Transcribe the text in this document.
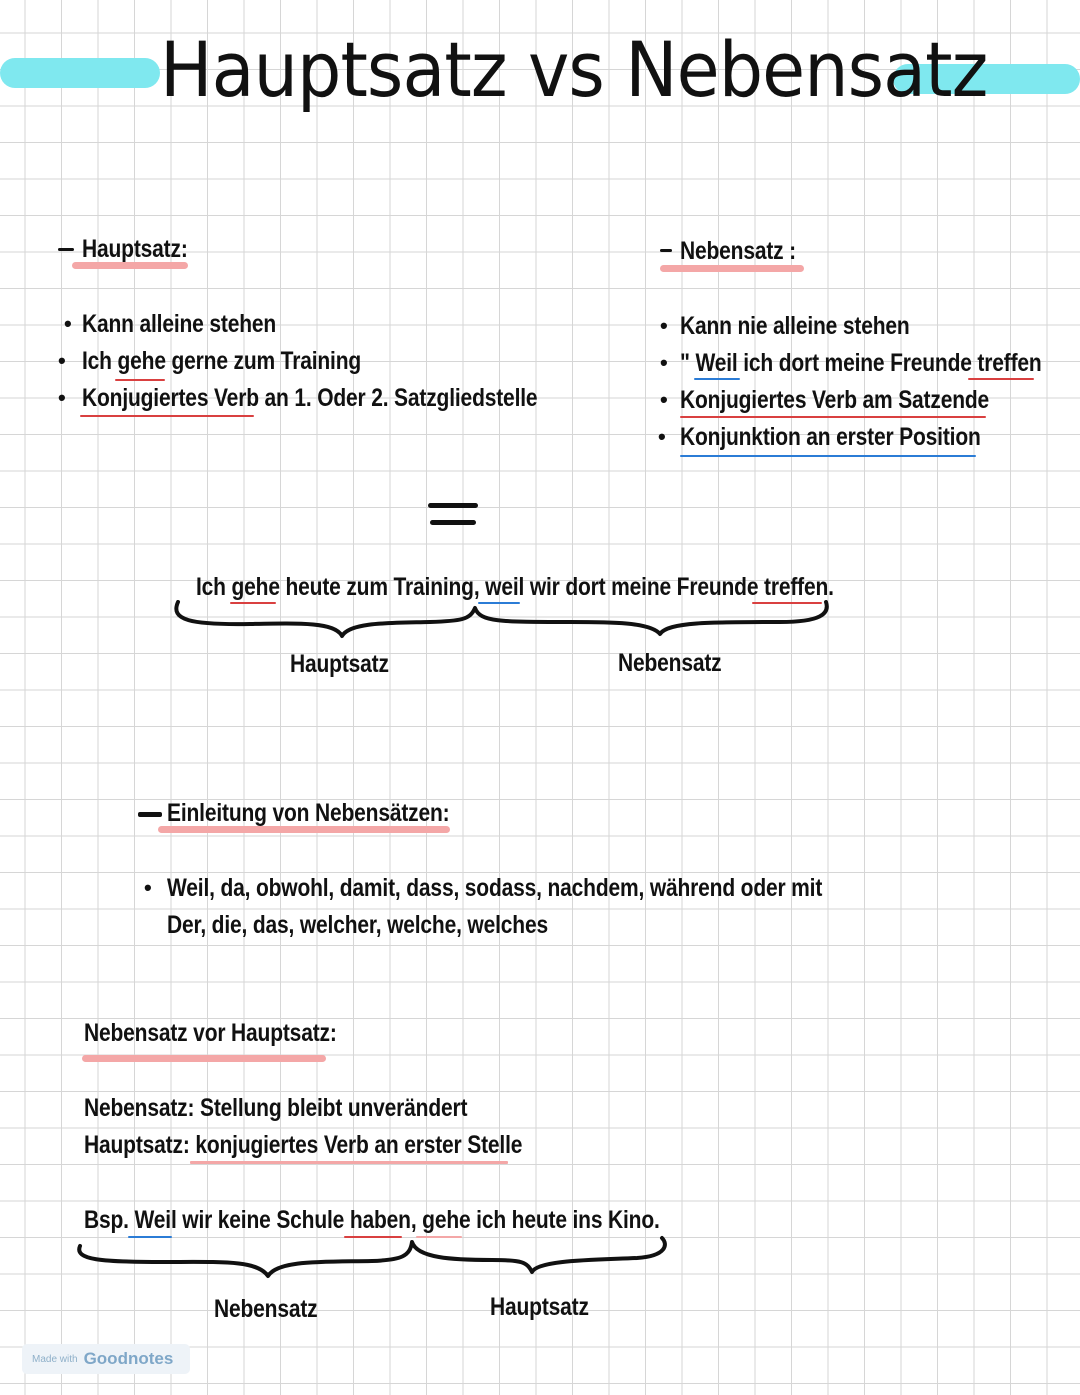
Hauptsatz vs Nebensatz
Hauptsatz:
• Kann alleine stehen
• Ich gehe gerne zum Training
• Konjugiertes Verb an 1. Oder 2. Satzgliedstelle
Nebensatz :
• Kann nie alleine stehen
• " Weil ich dort meine Freunde treffen
• Konjugiertes Verb am Satzende
• Konjunktion an erster Position
Ich gehe heute zum Training, weil wir dort meine Freunde treffen.
Hauptsatz	Nebensatz
Einleitung von Nebensätzen:
• Weil, da, obwohl, damit, dass, sodass, nachdem, während oder mit
Der, die, das, welcher, welche, welches
Nebensatz vor Hauptsatz:
Nebensatz: Stellung bleibt unverändert
Hauptsatz: konjugiertes Verb an erster Stelle
Bsp. Weil wir keine Schule haben, gehe ich heute ins Kino.
Nebensatz	Hauptsatz
Made with Goodnotes
